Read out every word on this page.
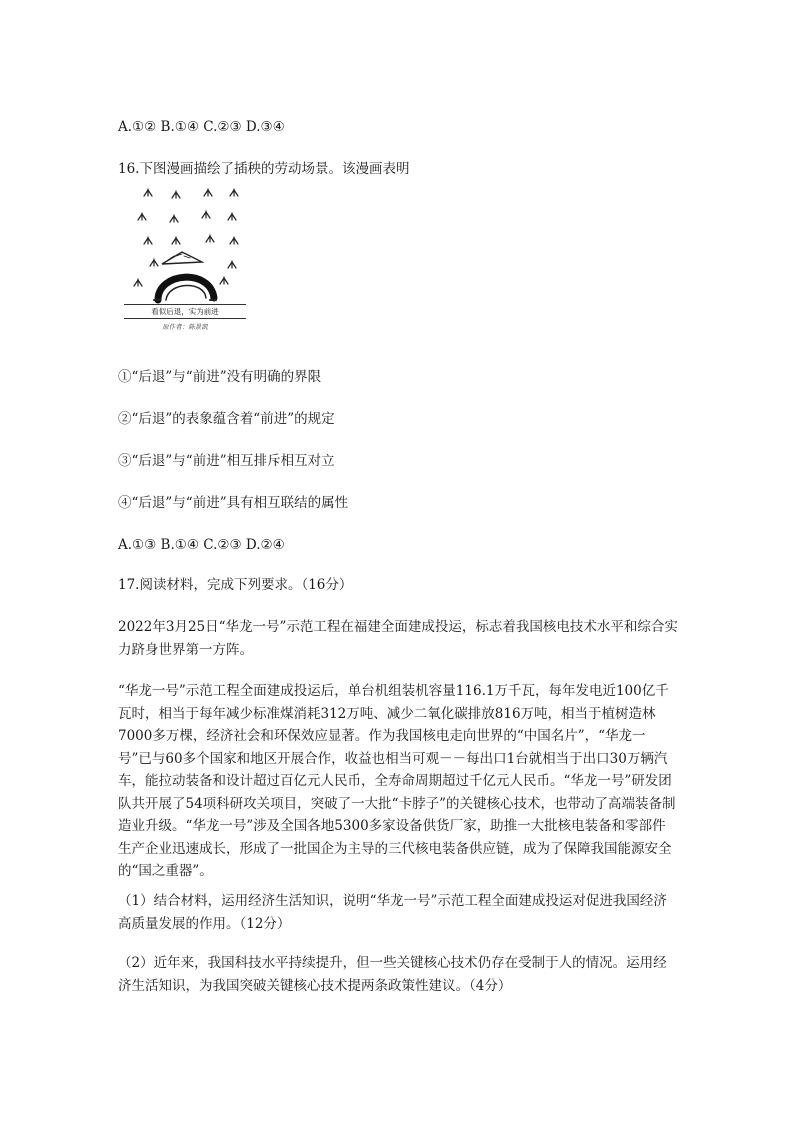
A.①② B.①④ C.②③ D.③④
16.下图漫画描绘了插秧的劳动场景。该漫画表明
看似后退，实为前进
原作者：陈景凯
①“后退”与“前进”没有明确的界限
②“后退”的表象蕴含着“前进”的规定
③“后退”与“前进”相互排斥相互对立
④“后退”与“前进”具有相互联结的属性
A.①③ B.①④ C.②③ D.②④
17.阅读材料，完成下列要求。（16分）
2022年3月25日“华龙一号”示范工程在福建全面建成投运，标志着我国核电技术水平和综合实力跻身世界第一方阵。
“华龙一号”示范工程全面建成投运后，单台机组装机容量116.1万千瓦，每年发电近100亿千瓦时，相当于每年减少标准煤消耗312万吨、减少二氧化碳排放816万吨，相当于植树造林7000多万棵，经济社会和环保效应显著。作为我国核电走向世界的“中国名片”，“华龙一号”已与60多个国家和地区开展合作，收益也相当可观－－每出口1台就相当于出口30万辆汽车，能拉动装备和设计超过百亿元人民币，全寿命周期超过千亿元人民币。“华龙一号”研发团队共开展了54项科研攻关项目，突破了一大批“卡脖子”的关键核心技术，也带动了高端装备制造业升级。“华龙一号”涉及全国各地5300多家设备供货厂家，助推一大批核电装备和零部件生产企业迅速成长，形成了一批国企为主导的三代核电装备供应链，成为了保障我国能源安全的“国之重器”。
（1）结合材料，运用经济生活知识，说明“华龙一号”示范工程全面建成投运对促进我国经济高质量发展的作用。（12分）
（2）近年来，我国科技水平持续提升，但一些关键核心技术仍存在受制于人的情况。运用经济生活知识，为我国突破关键核心技术提两条政策性建议。（4分）
